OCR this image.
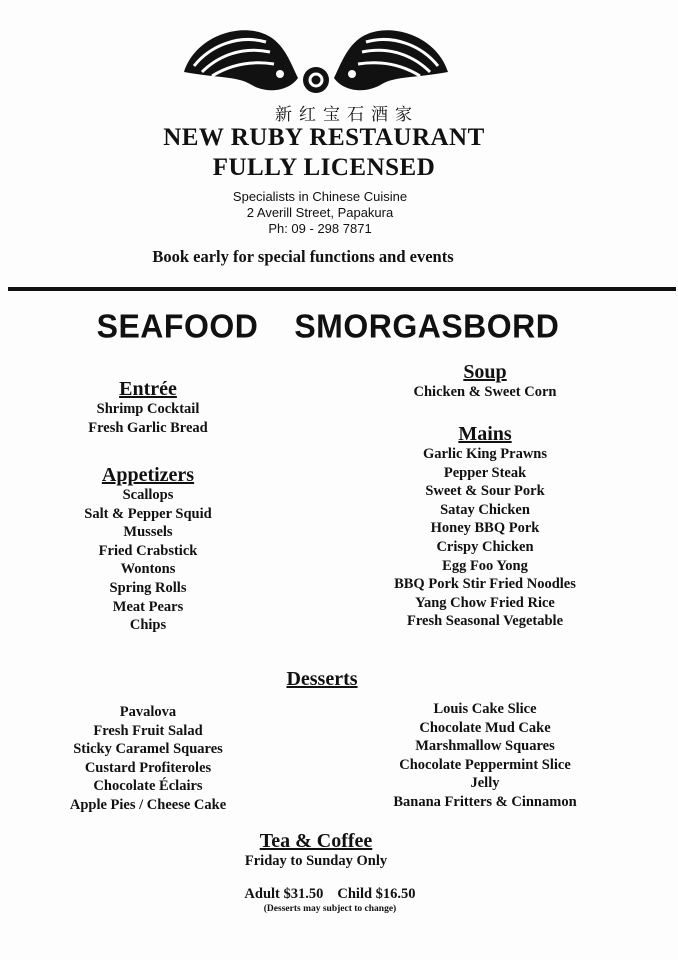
新红宝石酒家
NEW RUBY RESTAURANT
FULLY LICENSED
Specialists in Chinese Cuisine
2 Averill Street, Papakura
Ph: 09 - 298 7871
Book early for special functions and events
SEAFOOD SMORGASBORD
Entrée
Shrimp Cocktail
Fresh Garlic Bread
Appetizers
Scallops
Salt & Pepper Squid
Mussels
Fried Crabstick
Wontons
Spring Rolls
Meat Pears
Chips
Soup
Chicken & Sweet Corn
Mains
Garlic King Prawns
Pepper Steak
Sweet & Sour Pork
Satay Chicken
Honey BBQ Pork
Crispy Chicken
Egg Foo Yong
BBQ Pork Stir Fried Noodles
Yang Chow Fried Rice
Fresh Seasonal Vegetable
Desserts
Pavalova
Fresh Fruit Salad
Sticky Caramel Squares
Custard Profiteroles
Chocolate Éclairs
Apple Pies / Cheese Cake
Louis Cake Slice
Chocolate Mud Cake
Marshmallow Squares
Chocolate Peppermint Slice
Jelly
Banana Fritters & Cinnamon
Tea & Coffee
Friday to Sunday Only
Adult $31.50 Child $16.50
(Desserts may subject to change)
